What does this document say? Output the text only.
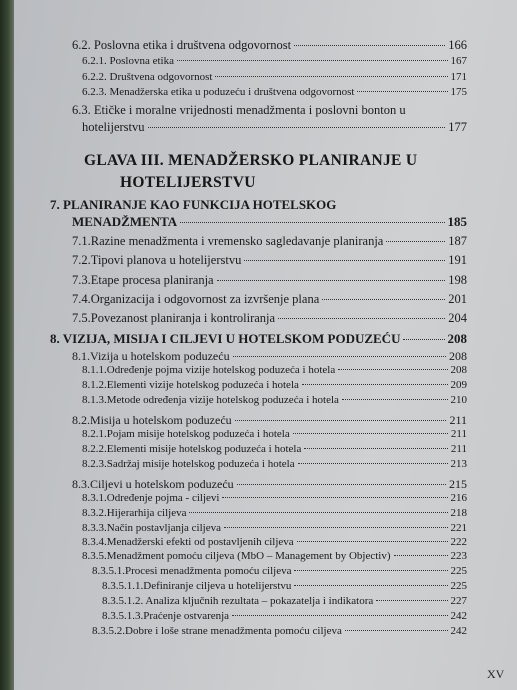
6.2. Poslovna etika i društvena odgovornost	166
6.2.1. Poslovna etika	167
6.2.2. Društvena odgovornost	171
6.2.3. Menadžerska etika u poduzeću i društvena odgovornost	175
6.3. Etičke i moralne vrijednosti menadžmenta i poslovni bonton u
hotelijerstvu	177
GLAVA III. MENADŽERSKO PLANIRANJE U
HOTELIJERSTVU
7. PLANIRANJE KAO FUNKCIJA HOTELSKOG
MENADŽMENTA	185
7.1.Razine menadžmenta i vremensko sagledavanje planiranja	187
7.2.Tipovi planova u hotelijerstvu	191
7.3.Etape procesa planiranja	198
7.4.Organizacija i odgovornost za izvršenje plana	201
7.5.Povezanost planiranja i kontroliranja	204
8. VIZIJA, MISIJA I CILJEVI U HOTELSKOM PODUZEĆU	208
8.1.Vizija u hotelskom poduzeću	208
8.1.1.Određenje pojma vizije hotelskog poduzeća i hotela	208
8.1.2.Elementi vizije hotelskog poduzeća i hotela	209
8.1.3.Metode određenja vizije hotelskog poduzeća i hotela	210
8.2.Misija u hotelskom poduzeću	211
8.2.1.Pojam misije hotelskog poduzeća i hotela	211
8.2.2.Elementi misije hotelskog poduzeća i hotela	211
8.2.3.Sadržaj misije hotelskog poduzeća i hotela	213
8.3.Ciljevi u hotelskom poduzeću	215
8.3.1.Određenje pojma - ciljevi	216
8.3.2.Hijerarhija ciljeva	218
8.3.3.Način postavljanja ciljeva	221
8.3.4.Menadžerski efekti od postavljenih ciljeva	222
8.3.5.Menadžment pomoću ciljeva (MbO – Management by Objectiv)	223
8.3.5.1.Procesi menadžmenta pomoću ciljeva	225
8.3.5.1.1.Definiranje ciljeva u hotelijerstvu	225
8.3.5.1.2. Analiza ključnih rezultata – pokazatelja i indikatora	227
8.3.5.1.3.Praćenje ostvarenja	242
8.3.5.2.Dobre i loše strane menadžmenta pomoću ciljeva	242
XV
